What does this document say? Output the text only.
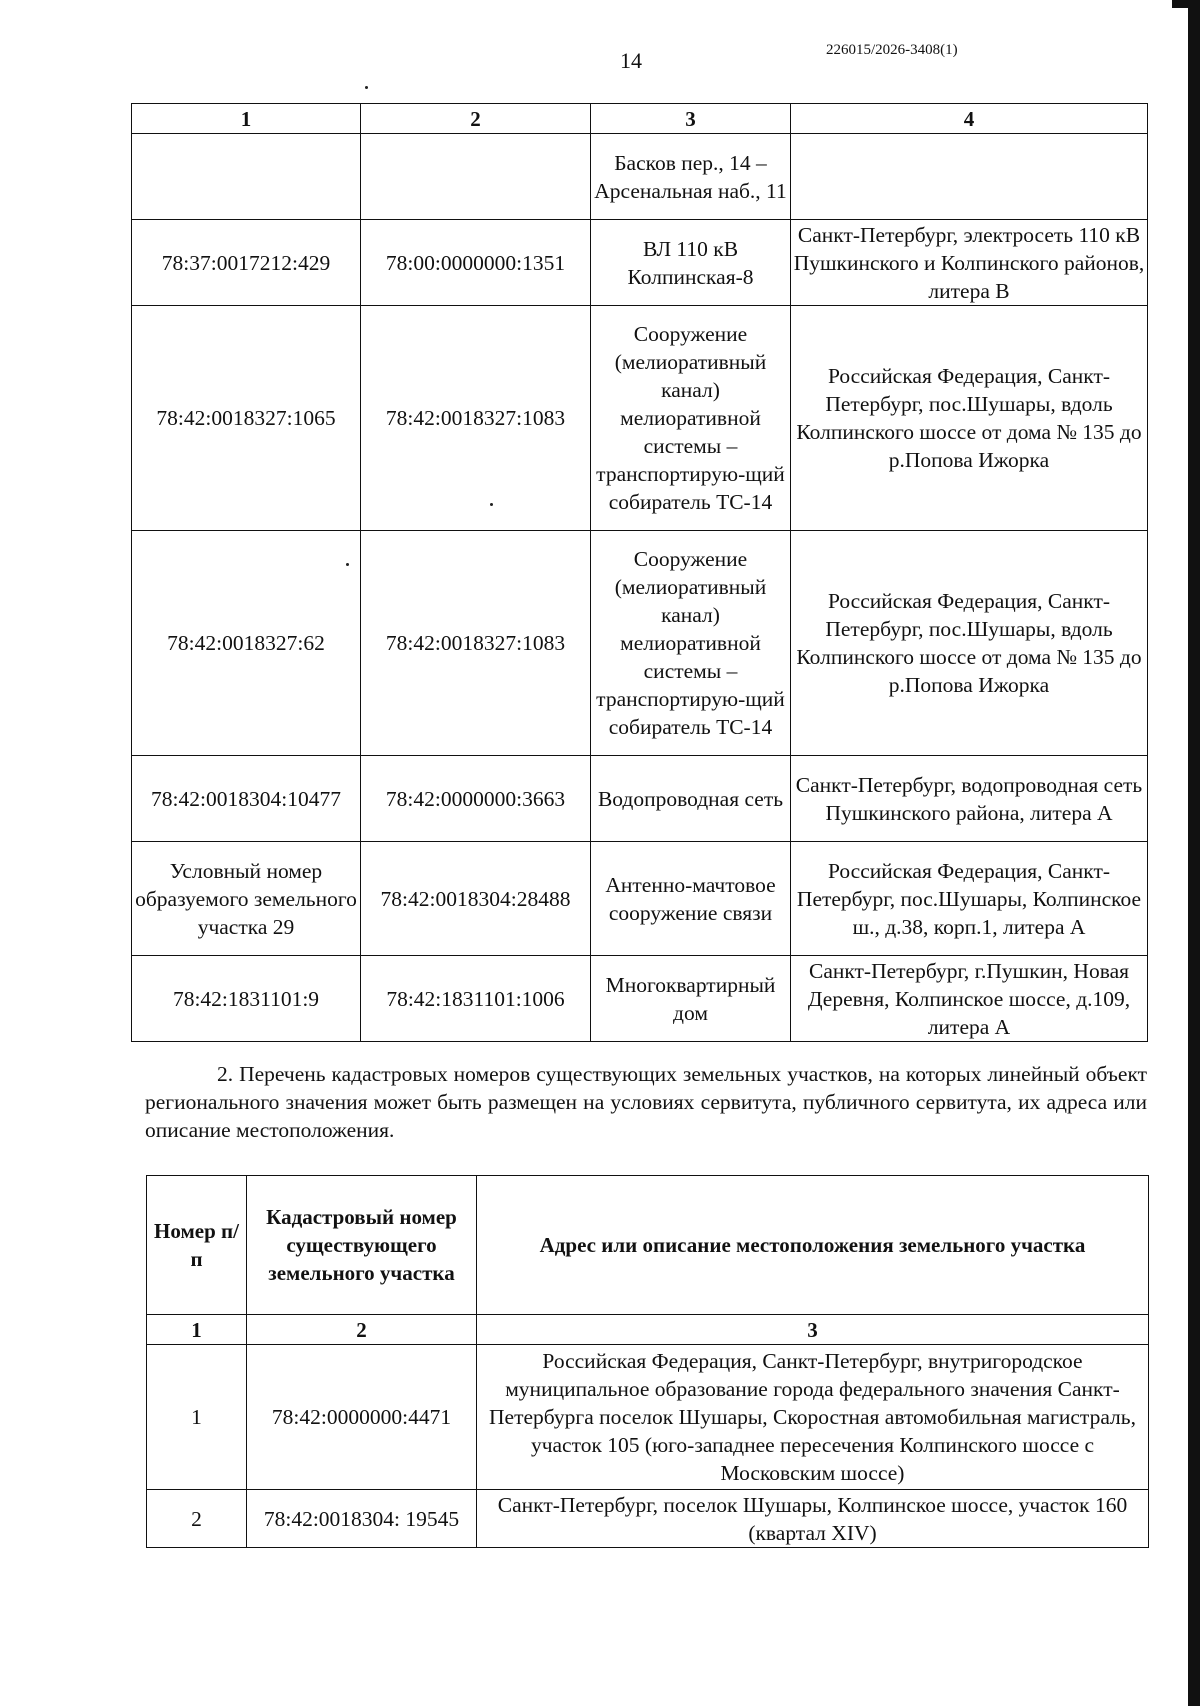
14	226015/2026-3408(1)
1	2	3	4
		Басков пер., 14 – Арсенальная наб., 11	
78:37:0017212:429	78:00:0000000:1351	ВЛ 110 кВ Колпинская-8	Санкт-Петербург, электросеть 110 кВ Пушкинского и Колпинского районов, литера В
78:42:0018327:1065	78:42:0018327:1083	Сооружение (мелиоративный канал) мелиоративной системы – транспортирую-щий собиратель ТС-14	Российская Федерация, Санкт-Петербург, пос.Шушары, вдоль Колпинского шоссе от дома № 135 до р.Попова Ижорка
78:42:0018327:62	78:42:0018327:1083	Сооружение (мелиоративный канал) мелиоративной системы – транспортирую-щий собиратель ТС-14	Российская Федерация, Санкт-Петербург, пос.Шушары, вдоль Колпинского шоссе от дома № 135 до р.Попова Ижорка
78:42:0018304:10477	78:42:0000000:3663	Водопроводная сеть	Санкт-Петербург, водопроводная сеть Пушкинского района, литера А
Условный номер образуемого земельного участка 29	78:42:0018304:28488	Антенно-мачтовое сооружение связи	Российская Федерация, Санкт-Петербург, пос.Шушары, Колпинское ш., д.38, корп.1, литера А
78:42:1831101:9	78:42:1831101:1006	Многоквартирный дом	Санкт-Петербург, г.Пушкин, Новая Деревня, Колпинское шоссе, д.109, литера А

2. Перечень кадастровых номеров существующих земельных участков, на которых линейный объект регионального значения может быть размещен на условиях сервитута, публичного сервитута, их адреса или описание местоположения.

Номер п/п	Кадастровый номер существующего земельного участка	Адрес или описание местоположения земельного участка
1	2	3
1	78:42:0000000:4471	Российская Федерация, Санкт-Петербург, внутригородское муниципальное образование города федерального значения Санкт-Петербурга поселок Шушары, Скоростная автомобильная магистраль, участок 105 (юго-западнее пересечения Колпинского шоссе с Московским шоссе)
2	78:42:0018304: 19545	Санкт-Петербург, поселок Шушары, Колпинское шоссе, участок 160 (квартал XIV)
